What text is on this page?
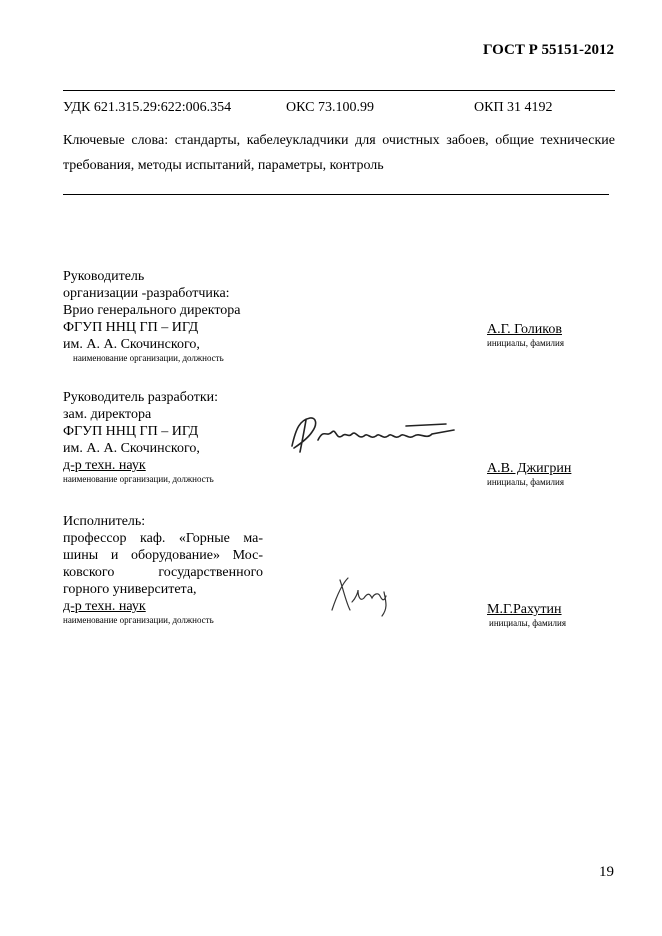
ГОСТ Р 55151-2012
УДК 621.315.29:622:006.354	ОКС 73.100.99	ОКП 31 4192
Ключевые слова: стандарты, кабелеукладчики для очистных забоев, общие технические требования, методы испытаний, параметры, контроль
Руководитель
организации -разработчика:
Врио генерального директора
ФГУП ННЦ ГП – ИГД
им. А. А. Скочинского,
наименование организации, должность
А.Г. Голиков
инициалы, фамилия
Руководитель разработки:
зам. директора
ФГУП ННЦ ГП – ИГД
им. А. А. Скочинского,
д-р техн. наук
наименование организации, должность
А.В. Джигрин
инициалы, фамилия
Исполнитель:
профессор каф. «Горные ма-
шины и оборудование» Мос-
ковского государственного
горного университета,
д-р техн. наук
наименование организации, должность
М.Г.Рахутин
инициалы, фамилия
19
